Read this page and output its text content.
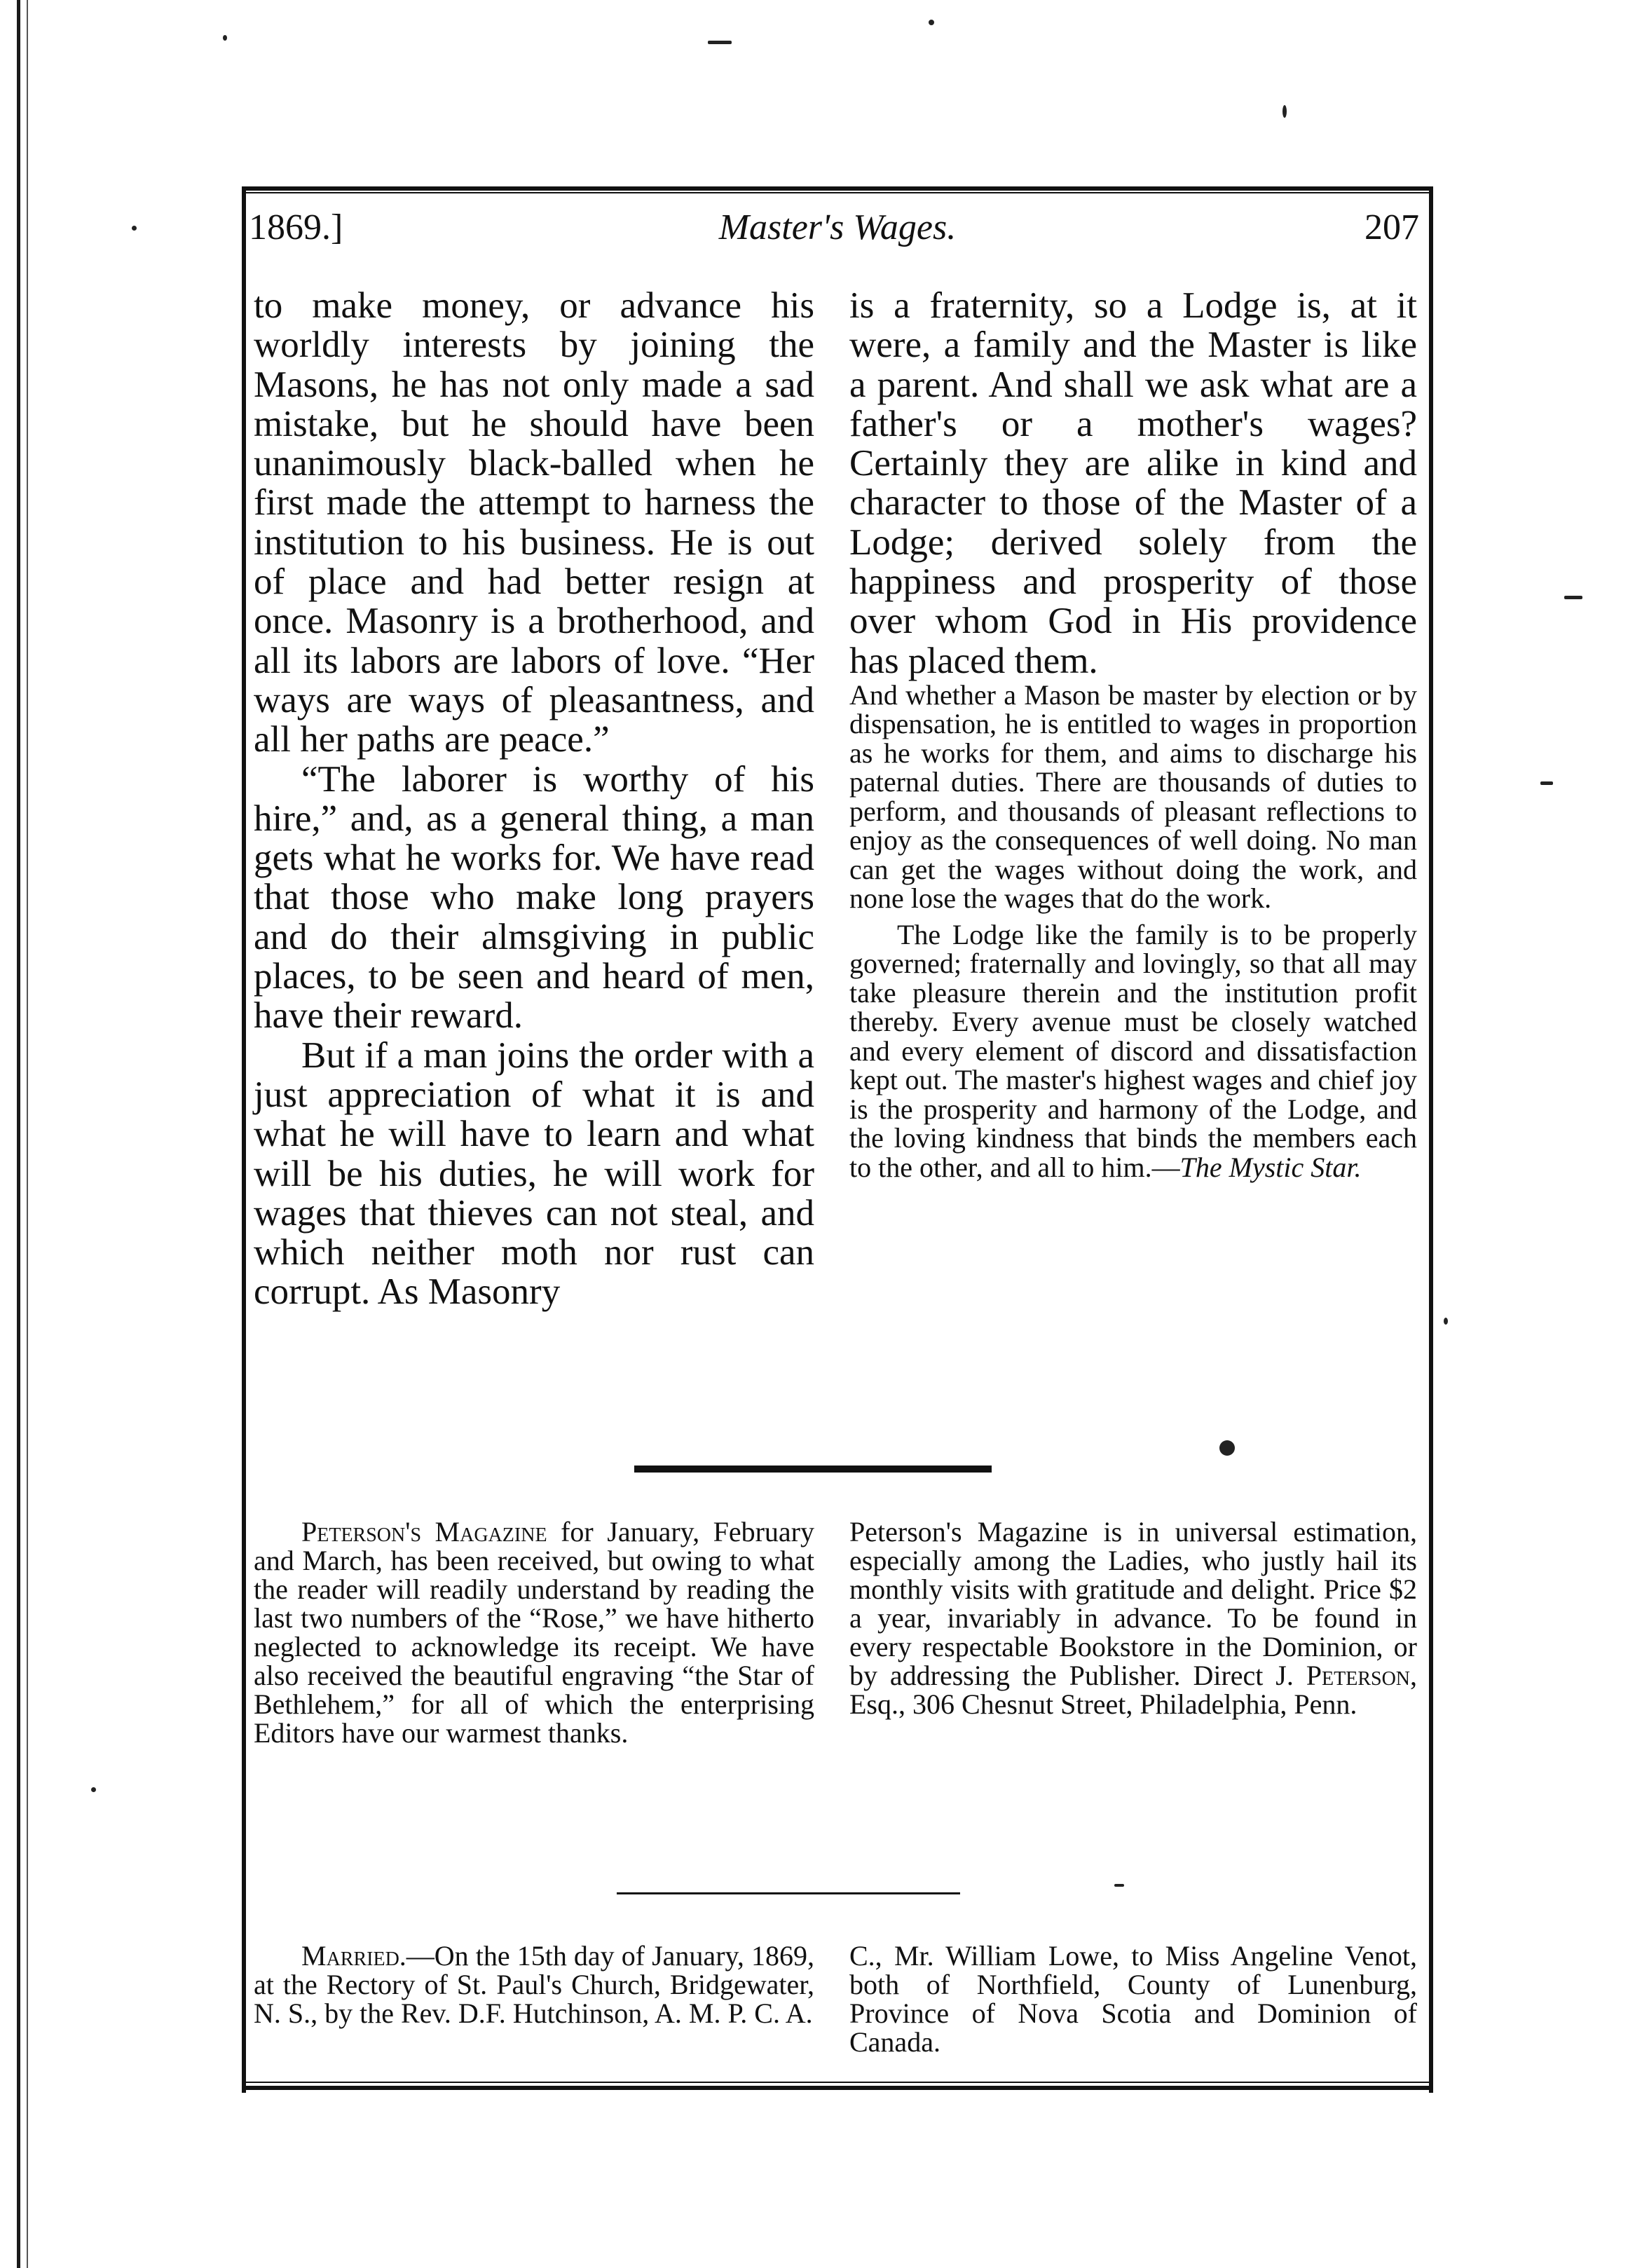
1869.]	Master's Wages.	207

to make money, or advance his worldly interests by joining the Masons, he has not only made a sad mistake, but he should have been unanimously black-balled when he first made the attempt to harness the institution to his business. He is out of place and had better resign at once. Masonry is a brotherhood, and all its labors are labors of love. “Her ways are ways of pleasantness, and all her paths are peace.”

“The laborer is worthy of his hire,” and, as a general thing, a man gets what he works for. We have read that those who make long prayers and do their almsgiving in public places, to be seen and heard of men, have their reward.

But if a man joins the order with a just appreciation of what it is and what he will have to learn and what will be his duties, he will work for wages that thieves can not steal, and which neither moth nor rust can corrupt. As Masonry

is a fraternity, so a Lodge is, at it were, a family and the Master is like a parent. And shall we ask what are a father's or a mother's wages? Certainly they are alike in kind and character to those of the Master of a Lodge; derived solely from the happiness and prosperity of those over whom God in His providence has placed them.

And whether a Mason be master by election or by dispensation, he is entitled to wages in proportion as he works for them, and aims to discharge his paternal duties. There are thousands of duties to perform, and thousands of pleasant reflections to enjoy as the consequences of well doing. No man can get the wages without doing the work, and none lose the wages that do the work.

The Lodge like the family is to be properly governed; fraternally and lovingly, so that all may take pleasure therein and the institution profit thereby. Every avenue must be closely watched and every element of discord and dissatisfaction kept out. The master's highest wages and chief joy is the prosperity and harmony of the Lodge, and the loving kindness that binds the members each to the other, and all to him.—The Mystic Star.

Peterson's Magazine for January, February and March, has been received, but owing to what the reader will readily understand by reading the last two numbers of the “Rose,” we have hitherto neglected to acknowledge its receipt. We have also received the beautiful engraving “the Star of Bethlehem,” for all of which the enterprising Editors have our warmest thanks.

Peterson's Magazine is in universal estimation, especially among the Ladies, who justly hail its monthly visits with gratitude and delight. Price $2 a year, invariably in advance. To be found in every respectable Bookstore in the Dominion, or by addressing the Publisher. Direct J. Peterson, Esq., 306 Chesnut Street, Philadelphia, Penn.

Married.—On the 15th day of January, 1869, at the Rectory of St. Paul's Church, Bridgewater, N. S., by the Rev. D.F. Hutchinson, A. M. P. C. A.

C., Mr. William Lowe, to Miss Angeline Venot, both of Northfield, County of Lunenburg, Province of Nova Scotia and Dominion of Canada.
